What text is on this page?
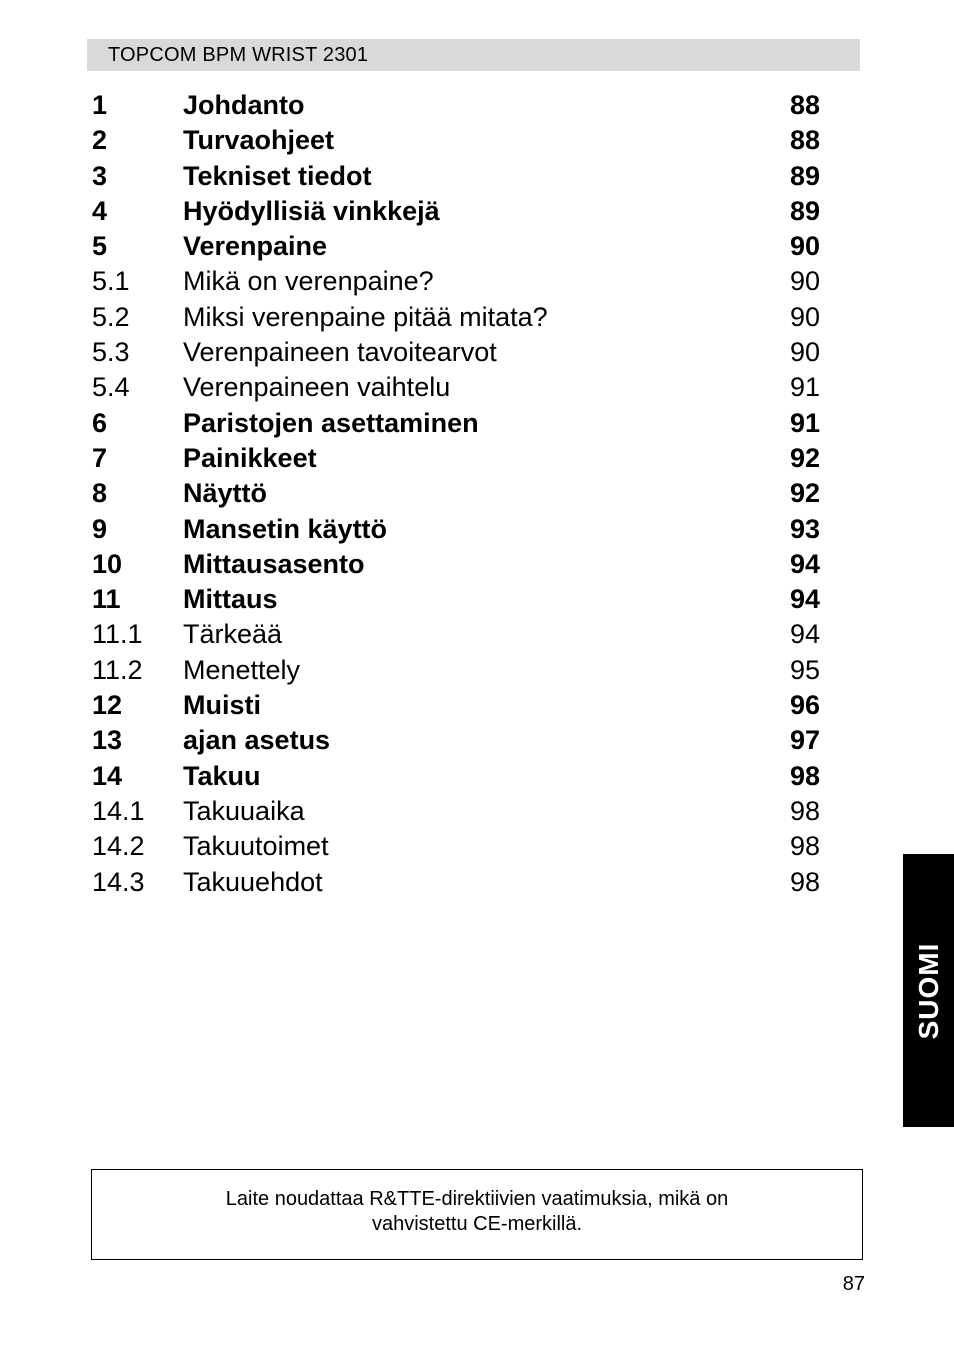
TOPCOM BPM WRIST 2301
1	Johdanto	88
2	Turvaohjeet	88
3	Tekniset tiedot	89
4	Hyödyllisiä vinkkejä	89
5	Verenpaine	90
5.1 Mikä on verenpaine?	90
5.2 Miksi verenpaine pitää mitata?	90
5.3 Verenpaineen tavoitearvot	90
5.4 Verenpaineen vaihtelu	91
6	Paristojen asettaminen	91
7	Painikkeet	92
8	Näyttö	92
9	Mansetin käyttö	93
10 Mittausasento	94
11 Mittaus	94
11.1 Tärkeää	94
11.2 Menettely	95
12 Muisti	96
13 ajan asetus	97
14 Takuu	98
14.1 Takuuaika	98
14.2 Takuutoimet	98
14.3 Takuuehdot	98
SUOMI
Laite noudattaa R&TTE-direktiivien vaatimuksia, mikä on
vahvistettu CE-merkillä.
87
